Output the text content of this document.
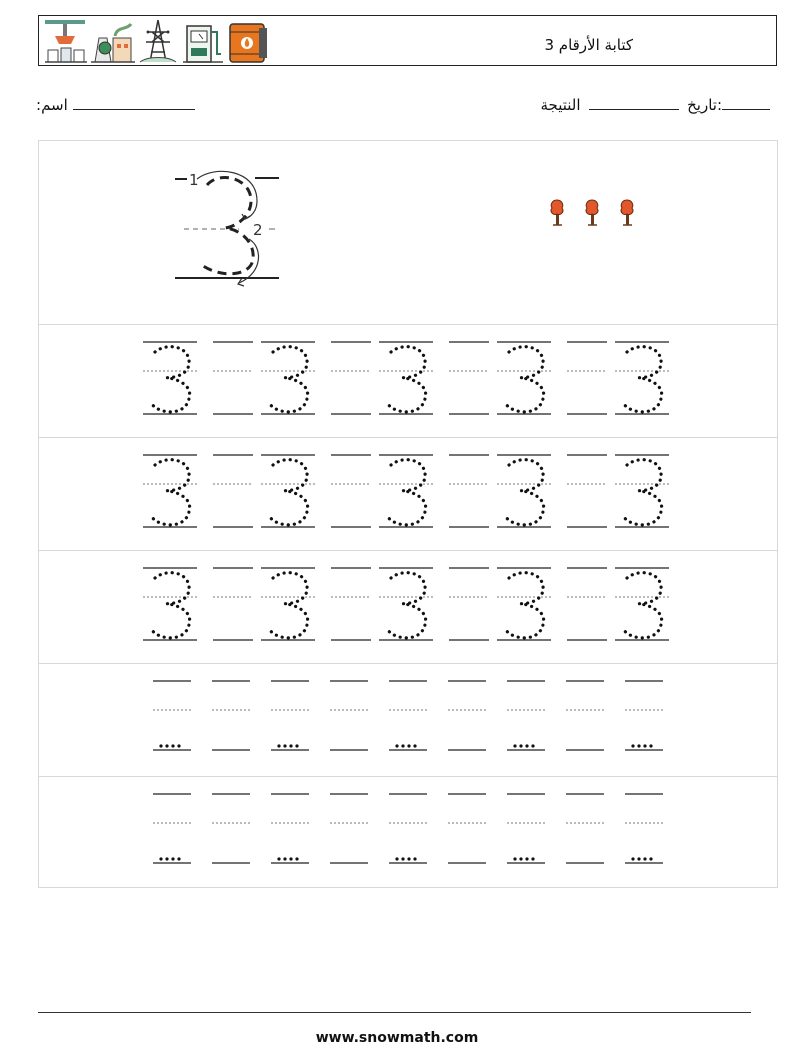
كتابة الأرقام 3
:تاريخ  النتيجة
:اسم
1
2
www.snowmath.com
